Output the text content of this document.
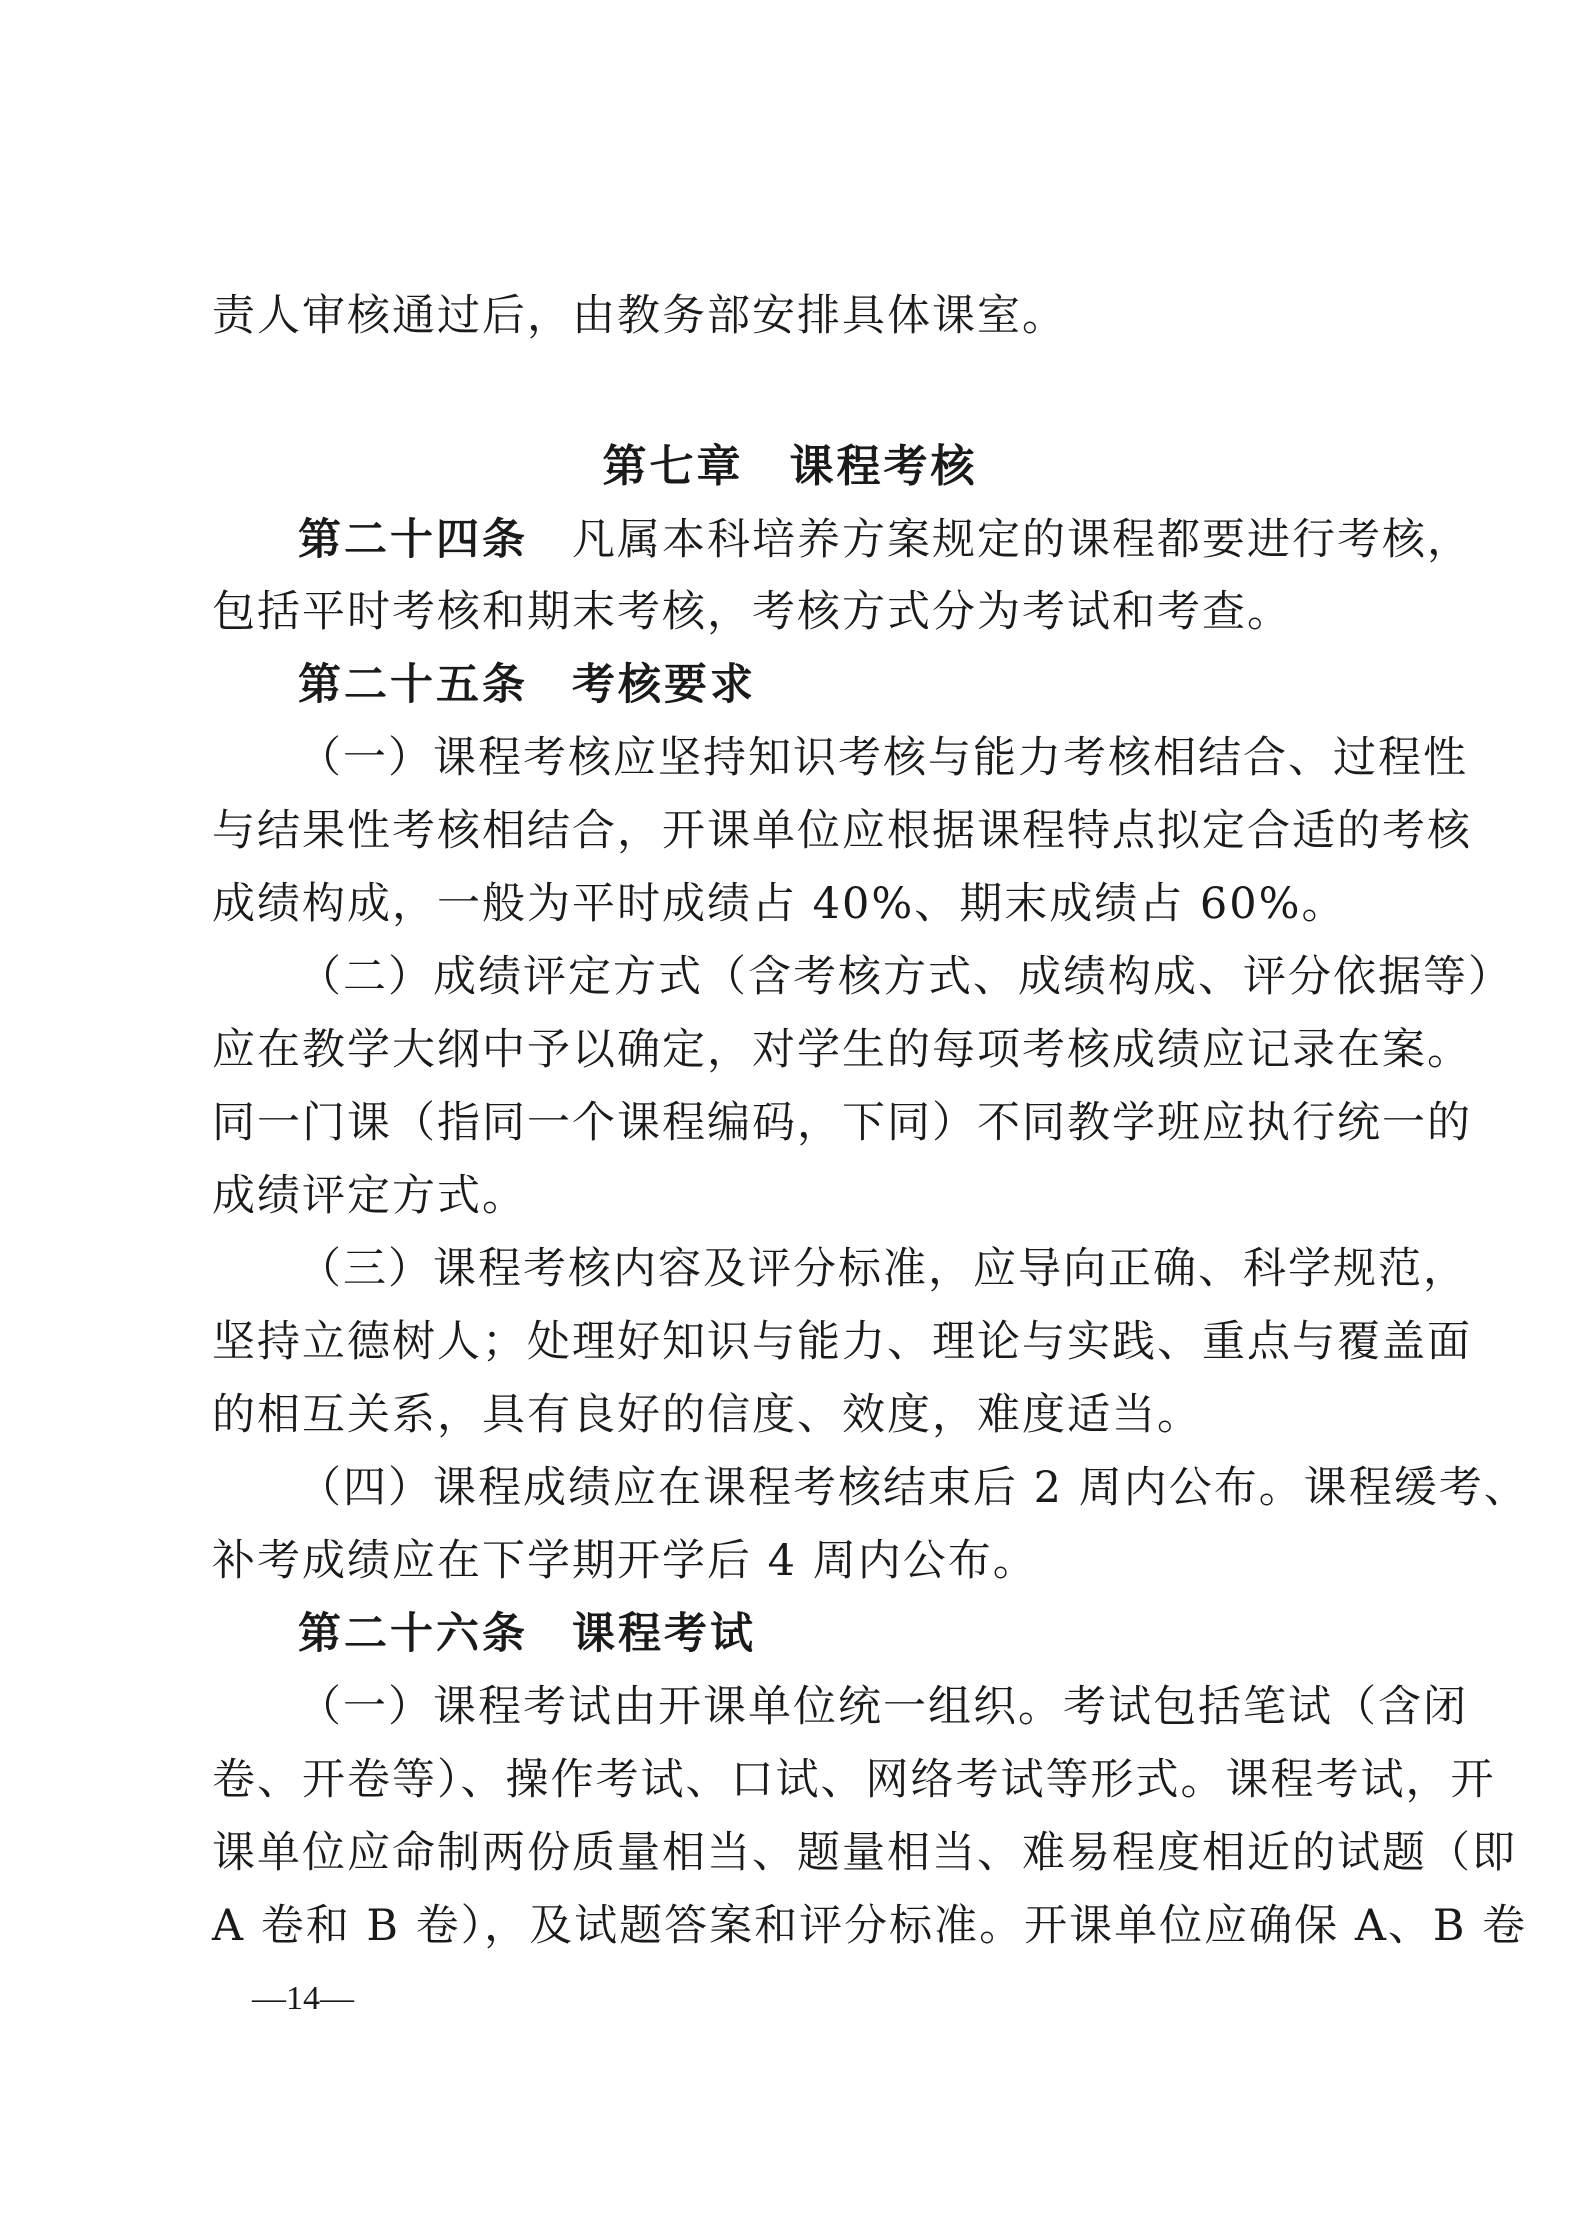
责人审核通过后，由教务部安排具体课室。
第七章 课程考核
第二十四条 凡属本科培养方案规定的课程都要进行考核，
包括平时考核和期末考核，考核方式分为考试和考查。
第二十五条 考核要求
（一）课程考核应坚持知识考核与能力考核相结合、过程性
与结果性考核相结合，开课单位应根据课程特点拟定合适的考核
成绩构成，一般为平时成绩占 40%、期末成绩占 60%。
（二）成绩评定方式（含考核方式、成绩构成、评分依据等）
应在教学大纲中予以确定，对学生的每项考核成绩应记录在案。
同一门课（指同一个课程编码，下同）不同教学班应执行统一的
成绩评定方式。
（三）课程考核内容及评分标准，应导向正确、科学规范，
坚持立德树人；处理好知识与能力、理论与实践、重点与覆盖面
的相互关系，具有良好的信度、效度，难度适当。
（四）课程成绩应在课程考核结束后 2 周内公布。课程缓考、
补考成绩应在下学期开学后 4 周内公布。
第二十六条 课程考试
（一）课程考试由开课单位统一组织。考试包括笔试（含闭
卷、开卷等）、操作考试、口试、网络考试等形式。课程考试，开
课单位应命制两份质量相当、题量相当、难易程度相近的试题（即
A 卷和 B 卷），及试题答案和评分标准。开课单位应确保 A、B 卷
—14—
